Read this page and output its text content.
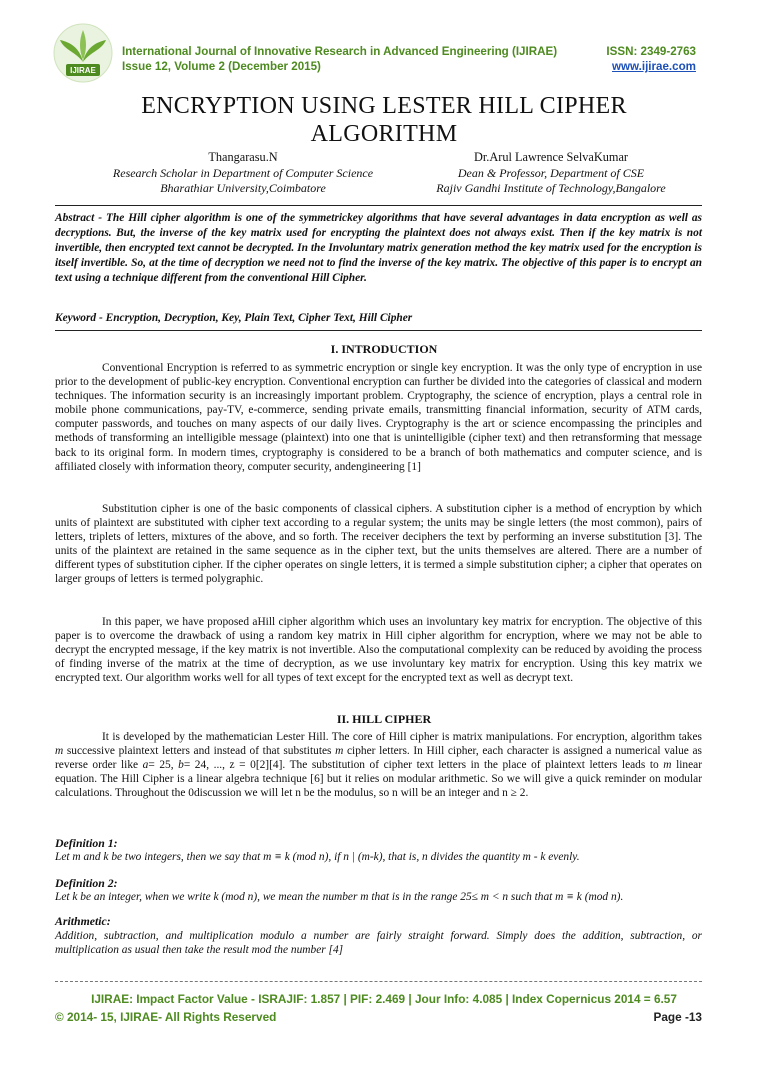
IJIRAE
International Journal of Innovative Research in Advanced Engineering (IJIRAE)	ISSN: 2349-2763
Issue 12, Volume 2 (December 2015)	www.ijirae.com
ENCRYPTION USING LESTER HILL CIPHER
ALGORITHM
Thangarasu.N
Research Scholar in Department of Computer Science
Bharathiar University,Coimbatore
Dr.Arul Lawrence SelvaKumar
Dean & Professor, Department of CSE
Rajiv Gandhi Institute of Technology,Bangalore

Abstract - The Hill cipher algorithm is one of the symmetrickey algorithms that have several advantages in data encryption as well as decryptions. But, the inverse of the key matrix used for encrypting the plaintext does not always exist. Then if the key matrix is not invertible, then encrypted text cannot be decrypted. In the Involuntary matrix generation method the key matrix used for the encryption is itself invertible. So, at the time of decryption we need not to find the inverse of the key matrix. The objective of this paper is to encrypt an text using a technique different from the conventional Hill Cipher.

Keyword - Encryption, Decryption, Key, Plain Text, Cipher Text, Hill Cipher

I. INTRODUCTION

Conventional Encryption is referred to as symmetric encryption or single key encryption. It was the only type of encryption in use prior to the development of public-key encryption. Conventional encryption can further be divided into the categories of classical and modern techniques. The information security is an increasingly important problem. Cryptography, the science of encryption, plays a central role in mobile phone communications, pay-TV, e-commerce, sending private emails, transmitting financial information, security of ATM cards, computer passwords, and touches on many aspects of our daily lives. Cryptography is the art or science encompassing the principles and methods of transforming an intelligible message (plaintext) into one that is unintelligible (cipher text) and then retransforming that message back to its original form. In modern times, cryptography is considered to be a branch of both mathematics and computer science, and is affiliated closely with information theory, computer security, andengineering [1]

Substitution cipher is one of the basic components of classical ciphers. A substitution cipher is a method of encryption by which units of plaintext are substituted with cipher text according to a regular system; the units may be single letters (the most common), pairs of letters, triplets of letters, mixtures of the above, and so forth. The receiver deciphers the text by performing an inverse substitution [3]. The units of the plaintext are retained in the same sequence as in the cipher text, but the units themselves are altered. There are a number of different types of substitution cipher. If the cipher operates on single letters, it is termed a simple substitution cipher; a cipher that operates on larger groups of letters is termed polygraphic.

In this paper, we have proposed aHill cipher algorithm which uses an involuntary key matrix for encryption. The objective of this paper is to overcome the drawback of using a random key matrix in Hill cipher algorithm for encryption, where we may not be able to decrypt the encrypted message, if the key matrix is not invertible. Also the computational complexity can be reduced by avoiding the process of finding inverse of the matrix at the time of decryption, as we use involuntary key matrix for encryption. Using this key matrix we encrypted text. Our algorithm works well for all types of text except for the encrypted text as well as decrypt text.

II. HILL CIPHER

It is developed by the mathematician Lester Hill. The core of Hill cipher is matrix manipulations. For encryption, algorithm takes m successive plaintext letters and instead of that substitutes m cipher letters. In Hill cipher, each character is assigned a numerical value as reverse order like a= 25, b= 24, ..., z = 0[2][4]. The substitution of cipher text letters in the place of plaintext letters leads to m linear equation. The Hill Cipher is a linear algebra technique [6] but it relies on modular arithmetic. So we will give a quick reminder on modular calculations. Throughout the 0discussion we will let n be the modulus, so n will be an integer and n ≥ 2.

Definition 1:

Let m and k be two integers, then we say that m ≡ k (mod n), if n | (m-k), that is, n divides the quantity m - k evenly.

Definition 2:

Let k be an integer, when we write k (mod n), we mean the number m that is in the range 25≤ m < n such that m ≡ k (mod n).

Arithmetic:

Addition, subtraction, and multiplication modulo a number are fairly straight forward. Simply does the addition, subtraction, or multiplication as usual then take the result mod the number [4]

IJIRAE: Impact Factor Value - ISRAJIF: 1.857 | PIF: 2.469 | Jour Info: 4.085 | Index Copernicus 2014 = 6.57
© 2014- 15, IJIRAE- All Rights Reserved	Page -13
